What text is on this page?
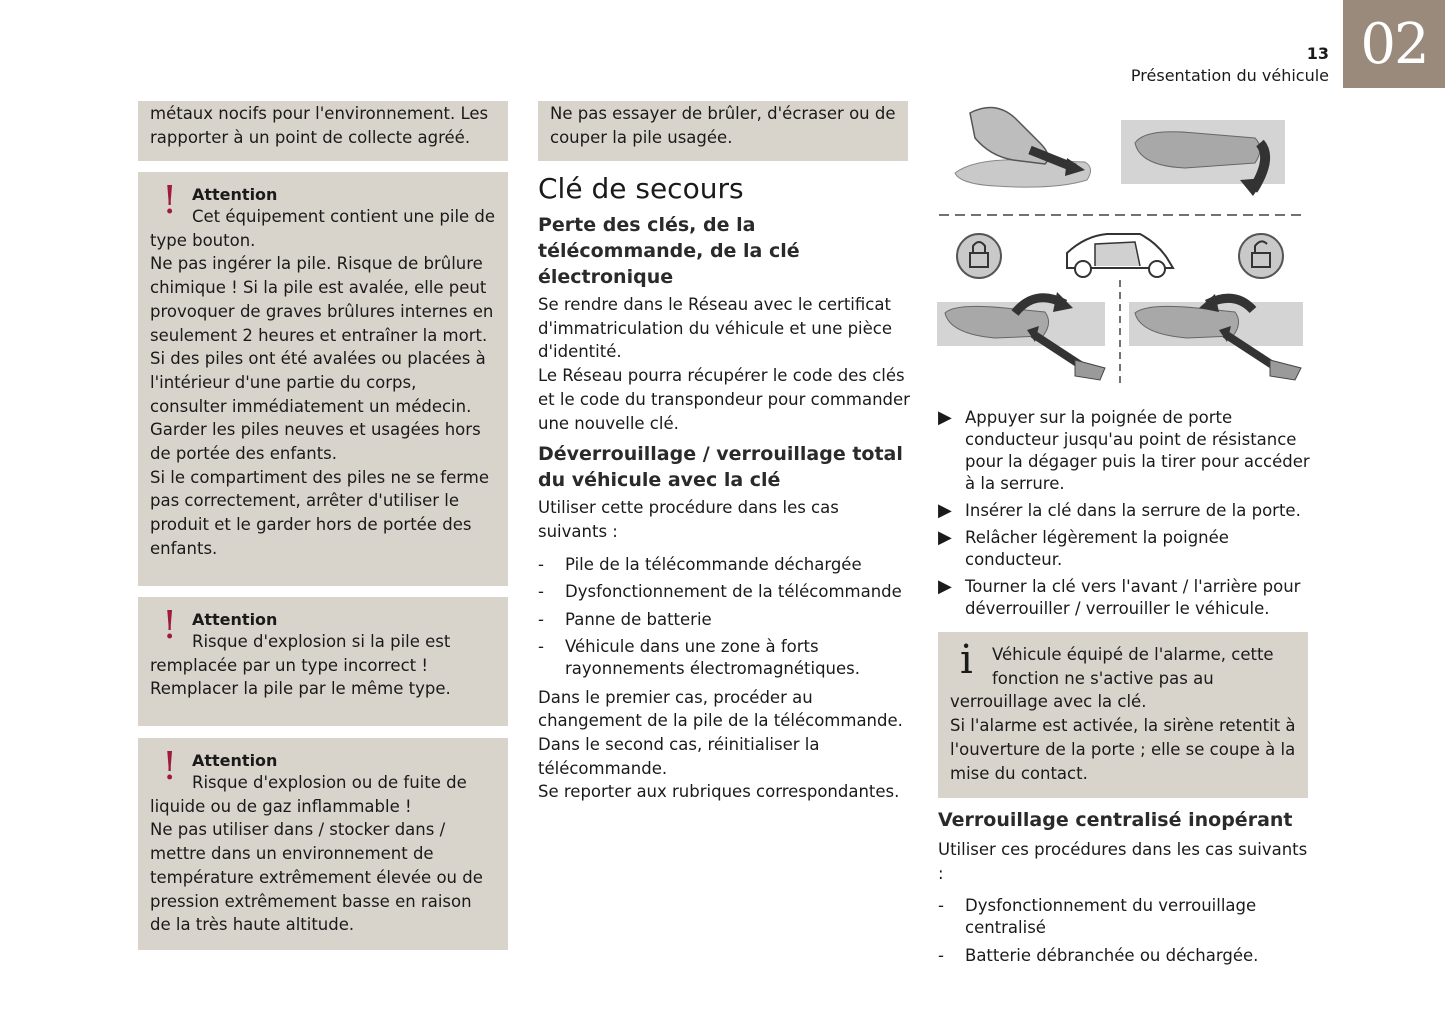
02
13
Présentation du véhicule

métaux nocifs pour l'environnement. Les rapporter à un point de collecte agréé.

! Attention

Cet équipement contient une pile de

type bouton.
Ne pas ingérer la pile. Risque de brûlure chimique ! Si la pile est avalée, elle peut provoquer de graves brûlures internes en seulement 2 heures et entraîner la mort.
Si des piles ont été avalées ou placées à l'intérieur d'une partie du corps, consulter immédiatement un médecin.
Garder les piles neuves et usagées hors de portée des enfants.
Si le compartiment des piles ne se ferme pas correctement, arrêter d'utiliser le produit et le garder hors de portée des enfants.

! Attention

Risque d'explosion si la pile est

remplacée par un type incorrect !
Remplacer la pile par le même type.

! Attention

Risque d'explosion ou de fuite de

liquide ou de gaz inflammable !
Ne pas utiliser dans / stocker dans / mettre dans un environnement de température extrêmement élevée ou de pression extrêmement basse en raison de la très haute altitude.

Ne pas essayer de brûler, d'écraser ou de couper la pile usagée.

Clé de secours
Perte des clés, de la télécommande, de la clé électronique

Se rendre dans le Réseau avec le certificat d'immatriculation du véhicule et une pièce d'identité.
Le Réseau pourra récupérer le code des clés et le code du transpondeur pour commander une nouvelle clé.

Déverrouillage / verrouillage total du véhicule avec la clé

Utiliser cette procédure dans les cas suivants :

- Pile de la télécommande déchargée
- Dysfonctionnement de la télécommande
- Panne de batterie
- Véhicule dans une zone à forts rayonnements électromagnétiques.

Dans le premier cas, procéder au changement de la pile de la télécommande.
Dans le second cas, réinitialiser la télécommande.
Se reporter aux rubriques correspondantes.

▶ Appuyer sur la poignée de porte conducteur jusqu'au point de résistance pour la dégager puis la tirer pour accéder à la serrure.
▶ Insérer la clé dans la serrure de la porte.
▶ Relâcher légèrement la poignée conducteur.
▶ Tourner la clé vers l'avant / l'arrière pour déverrouiller / verrouiller le véhicule.
i	Véhicule équipé de l'alarme, cette
fonction ne s'active pas au

verrouillage avec la clé.
Si l'alarme est activée, la sirène retentit à l'ouverture de la porte ; elle se coupe à la mise du contact.

Verrouillage centralisé inopérant

Utiliser ces procédures dans les cas suivants :

- Dysfonctionnement du verrouillage centralisé
- Batterie débranchée ou déchargée.
